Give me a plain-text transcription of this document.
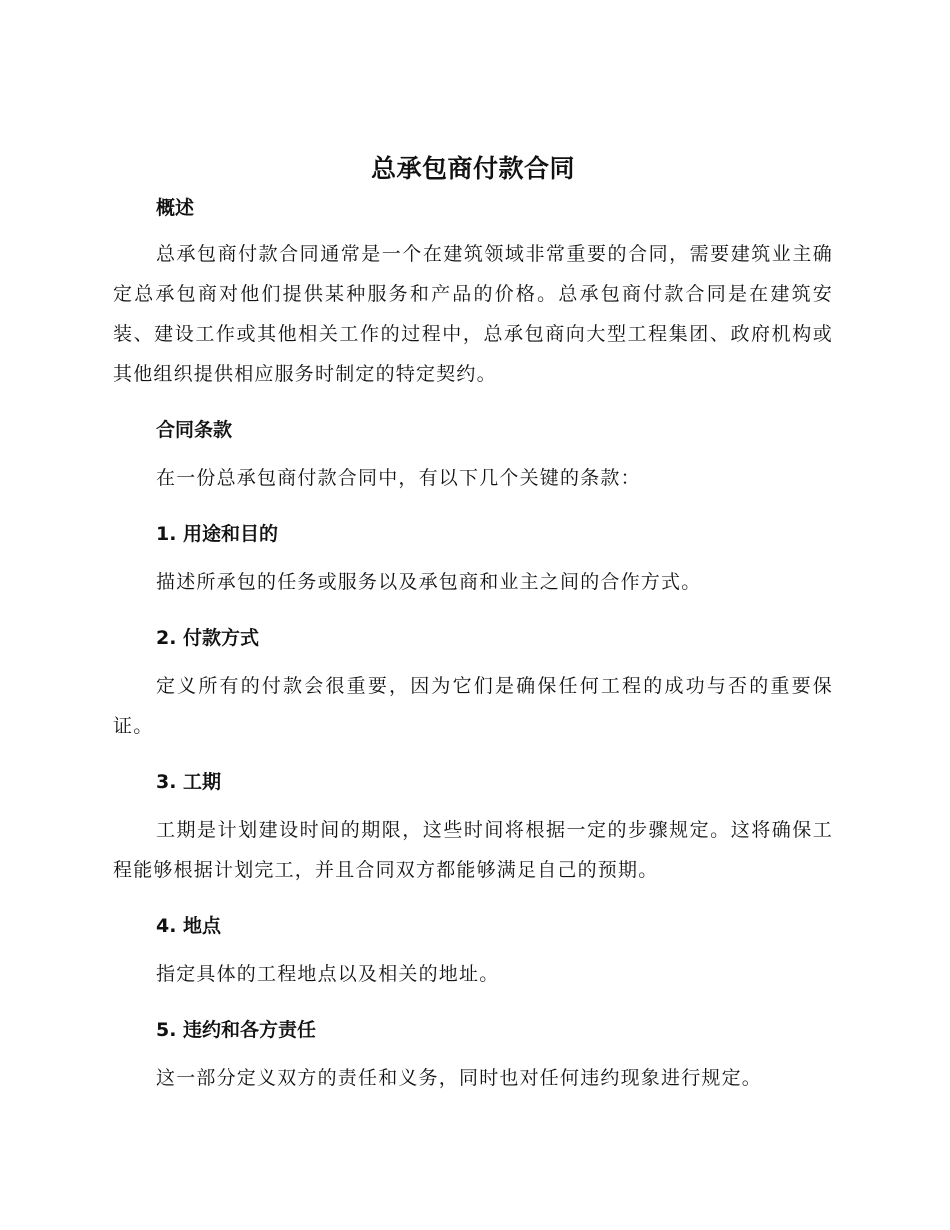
总承包商付款合同
概述

总承包商付款合同通常是一个在建筑领域非常重要的合同，需要建筑业主确定总承包商对他们提供某种服务和产品的价格。总承包商付款合同是在建筑安装、建设工作或其他相关工作的过程中，总承包商向大型工程集团、政府机构或其他组织提供相应服务时制定的特定契约。

合同条款

在一份总承包商付款合同中，有以下几个关键的条款：

1. 用途和目的

描述所承包的任务或服务以及承包商和业主之间的合作方式。

2. 付款方式

定义所有的付款会很重要，因为它们是确保任何工程的成功与否的重要保证。

3. 工期

工期是计划建设时间的期限，这些时间将根据一定的步骤规定。这将确保工程能够根据计划完工，并且合同双方都能够满足自己的预期。

4. 地点

指定具体的工程地点以及相关的地址。

5. 违约和各方责任

这一部分定义双方的责任和义务，同时也对任何违约现象进行规定。
